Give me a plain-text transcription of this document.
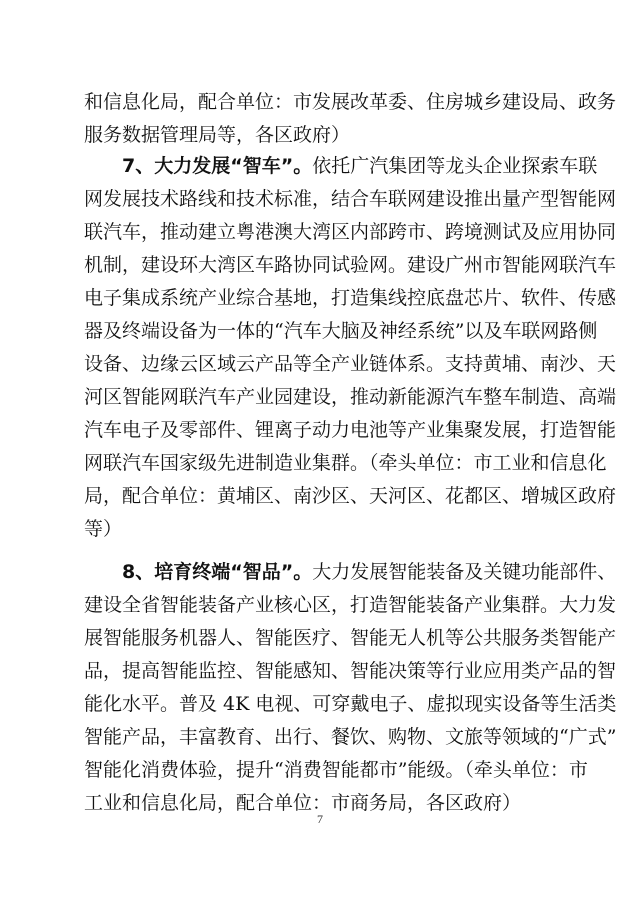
和信息化局，配合单位：市发展改革委、住房城乡建设局、政务
服务数据管理局等，各区政府）
7、大力发展“智车”。依托广汽集团等龙头企业探索车联
网发展技术路线和技术标准，结合车联网建设推出量产型智能网
联汽车，推动建立粤港澳大湾区内部跨市、跨境测试及应用协同
机制，建设环大湾区车路协同试验网。建设广州市智能网联汽车
电子集成系统产业综合基地，打造集线控底盘芯片、软件、传感
器及终端设备为一体的“汽车大脑及神经系统”以及车联网路侧
设备、边缘云区域云产品等全产业链体系。支持黄埔、南沙、天
河区智能网联汽车产业园建设，推动新能源汽车整车制造、高端
汽车电子及零部件、锂离子动力电池等产业集聚发展，打造智能
网联汽车国家级先进制造业集群。（牵头单位：市工业和信息化
局，配合单位：黄埔区、南沙区、天河区、花都区、增城区政府
等）
8、培育终端“智品”。大力发展智能装备及关键功能部件、
建设全省智能装备产业核心区，打造智能装备产业集群。大力发
展智能服务机器人、智能医疗、智能无人机等公共服务类智能产
品，提高智能监控、智能感知、智能决策等行业应用类产品的智
能化水平。普及 4K 电视、可穿戴电子、虚拟现实设备等生活类
智能产品，丰富教育、出行、餐饮、购物、文旅等领域的“广式”
智能化消费体验，提升“消费智能都市”能级。（牵头单位：市
工业和信息化局，配合单位：市商务局，各区政府）
7
